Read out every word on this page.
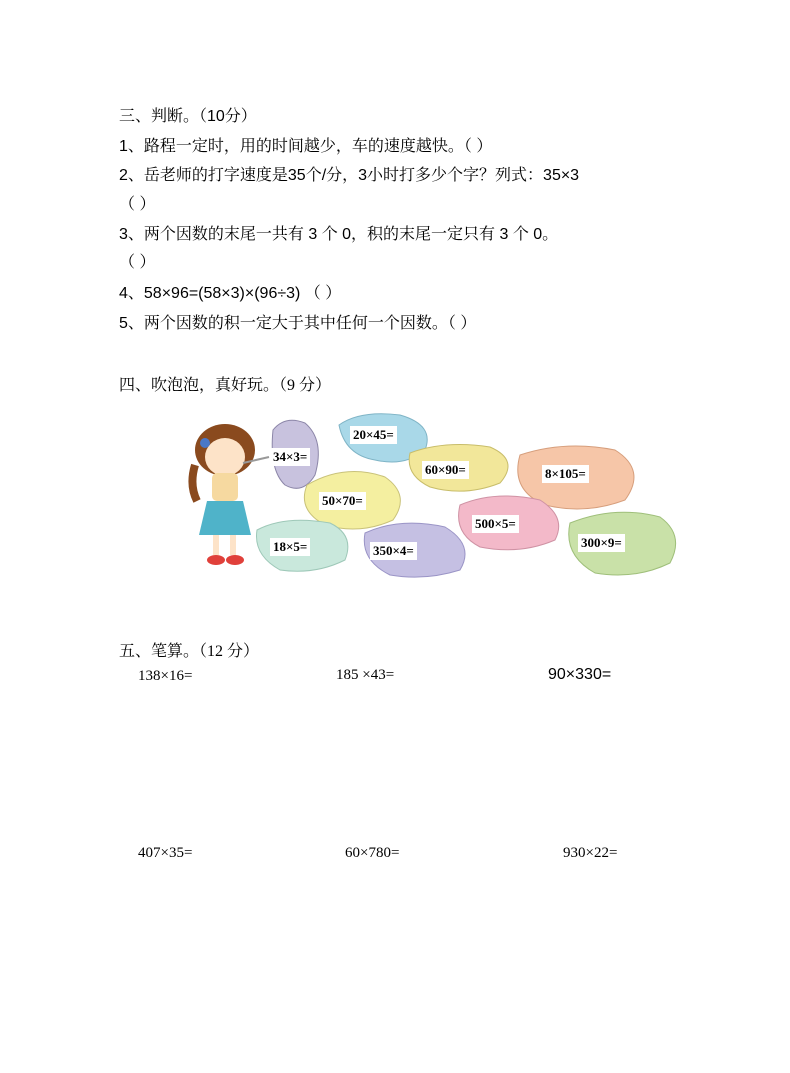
三、判断。（10分）
1、路程一定时，用的时间越少，车的速度越快。（ ）
2、岳老师的打字速度是35个/分，3小时打多少个字？列式：35×3
（ ）
3、两个因数的末尾一共有 3 个 0，积的末尾一定只有 3 个 0。
（ ）
4、58×96=(58×3)×(96÷3) （ ）
5、两个因数的积一定大于其中任何一个因数。（ ）
四、吹泡泡，真好玩。（9 分）
34×3=
20×45=
60×90=	8×105=
50×70=
500×5=
18×5=	350×4=
300×9=
五、笔算。（12 分）
138×16=	185 ×43=	90×330=
407×35=	60×780=	930×22=
